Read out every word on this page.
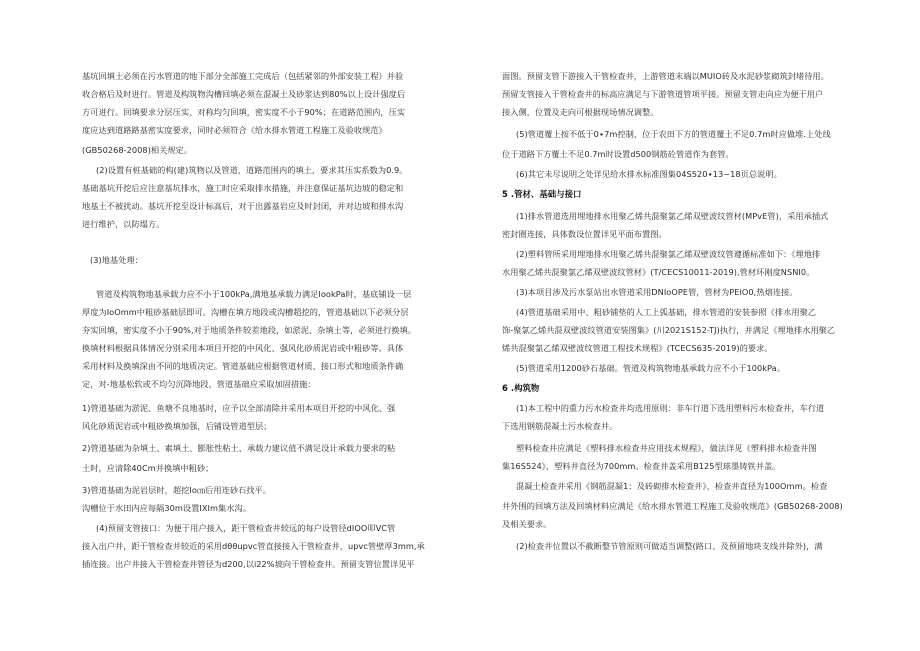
基坑回填土必须在污水管道的地下部分全部施工完成后（包括紧邻的外部安装工程）并验
收合格后及时进行。管道及构筑物沟槽回填必须在混凝土及砂浆达到80%以上设计强度后
方可进行。回填要求分层压实、对称均匀回填，密实度不小于90%；在道路范围内，压实
度应达到道路路基密实度要求，同时必须符合《给水排水管道工程施工及验收规范》
(GB50268-2008)相关规定。
(2)设置有桩基础的构(建)筑物以及管道，道路范围内的填土，要求其压实系数为0.9。
基础基坑开挖后应注意基坑排水，施工时应采取排水措施，并注意保证基坑边坡的稳定和
地基土不被扰动。基坑开挖至设计标高后，对于出露基岩应及时封闭，并对边坡和排水沟
进行维护，以防塌方。
(3)地基处理：
管道及构筑物地基承载力应不小于100kPa,满地基承载力满足IookPa时，基底铺设一层
厚度为IoOmm中粗砂基础层即可。沟槽在填方地段或沟槽超挖的，管道基础以下必须分层
夯实回填，密实度不小于90%,对于地质条件较差地段，如淤泥、杂填土等，必须进行换填。
换填材料根据具体情况分别采用本项目开挖的中风化、强风化砂质泥岩或中粗砂等。具体
采用材料及换填深由不同的地质决定。管道基础应根据管道材质、接口形式和地质条件确
定，对-地基松软或不均匀沉降地段，管道基础应采取加固措施：
1)管道基础为淤泥、鱼塘不良地基时，应予以全部清除并采用本项目开挖的中风化、强
风化砂质泥岩或中粗砂换填加强，后铺设管道型层；
2)管道基础为杂填土、素填土、膨胀性粘土、承载力建议值不满足设计承载力要求的粘
土时，应清除40Cm并换填中粗砂；
3)管道基础为泥岩层时，超挖Io㎝后用连砂石找平。
沟槽位于水田内应每隔30m设置IXIm集水沟。
(4)预留支管接口：为便于用户接入，距干管检查井较远的每户设管径dIOO叩VC管
接入出户井，距干管检查井较近的采用dθθupvc管直接接入干管检查井，upvc管壁厚3mm,承
插连接。出户井接入干管检查井管径为d200,以i22%坡向干管检查井。预留支管位置详见平
面图。预留支管下游接入干管检查井，上游管道末端以MUIO砖及水泥砂浆砌筑封堵待用。
预留支管接入干管检查井的标高应满足与下游管道管项平接。预留支管走向应为便于用户
接入侧，位置及走向可根据现场情况调整。
(5)管道覆上按不低于0∙7m控制，位于农田下方的管道覆土不足0.7m时应做堆.上处线
位于道路下方覆土不足0.7m时设置d500钢筋砼管道作为套管。
(6)其它未尽说明之处详见给水排水标准图集04S520∙13~18页总说明。
5 .管材、基础与接口
(1)排水管道选用埋地排水用聚乙烯共混聚氯乙烯双壁波纹管材(MPvE管)，采用承插式
密封圈连接，具体数设位置详见平面布置图。
(2)塑料管所采用埋地排水用聚乙烯共混聚氯乙烯双壁波纹管遵循标准如下：《埋地排
水用聚乙烯共混聚氯乙烯双壁波纹管材》(T/CECS10011-2019),管材环刚度NSNI0。
(3)本项目涉及污水泵站出水管道采用DNIoOPE管，管材为PEIO0,热熔连接。
(4)管道基础采用中、粗砂铺垫的人工上弧基础，排水管道的安装参照《排水用聚乙
饰-聚氯乙烯共混双壁波纹管道安装图集》(川2021S152-TJ)执行，并满足《埋地排水用聚乙
烯共混聚氯乙烯双壁波纹管道工程技术规程》(TCECS635-2019)的要求。
(5)管道采用1200砂石基础。管道及构筑物地基承载力应不小于100kPa。
6 .构筑物
(1)本工程中的重力污水检查井均选用原则：非车行道下选用塑料污水检查井，车行道
下选用钢筋混凝土污水检查井。
塑料检查井应满足《塑料排水检查井应用技术规程》，做法详见《塑料排水检查井图
集16S524》，塑料井直径为700mm。检查井盖采用B125型球墨铸铁井盖。
混凝土检查井采用《钢筋混凝1：及砖砌排水检查井》，检查井直径为100Omm。检查
井外围的回填方法及回填材料应满足《给水排水管道工程施工及验收规范》(GB50268-2008)
及相关要求。
(2)检查井位置以不截断整节管原则可做适当调整(路口、及预留地块支线井除外)，满
